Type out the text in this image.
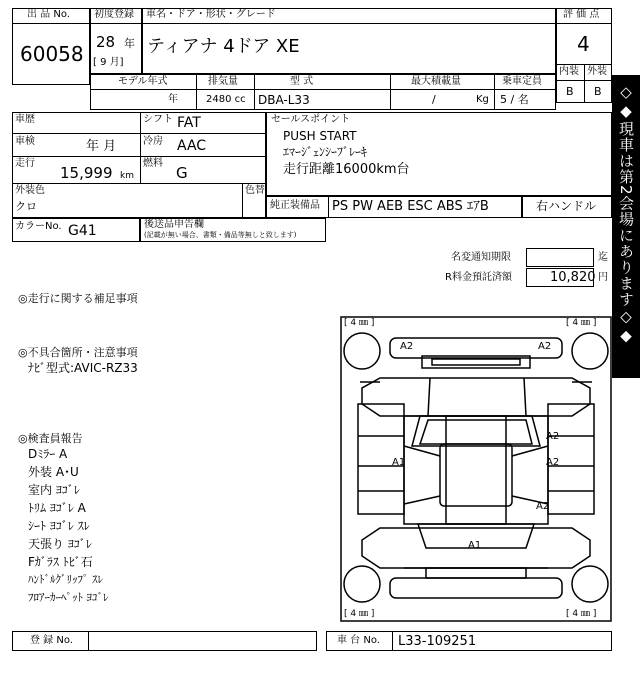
出 品 No.
60058
初度登録
28 年
[ 9 月]
車名・ドア・形状・グレード
ティアナ 4ドア XE
評 価 点
4
内装 外装
B B
モデル年式
年
排気量
2480 cc
型 式
DBA-L33
最大積載量
/	Kg
乗車定員
5 / 名
車歴	シフト FAT
車検	年 月	冷房 AAC
走行
15,999 km
燃料
G
外装色
クロ
色替
カラーNo. G41	後送品申告欄
(記載が無い場合、書類・備品等無しと致します)
セールスポイント
PUSH START
ｴﾏｰｼﾞｪﾝｼｰﾌﾞﾚｰｷ
走行距離16000km台
純正装備品 PS PW AEB ESC ABS ｴｱB	右ハンドル
名変通知期限	迄
R料金預託済額	10,820 円 ◇◆現車は第2会場にあります◇◆
◎走行に関する補足事項
◎不具合箇所・注意事項
ﾅﾋﾞ型式:AVIC-RZ33
◎検査員報告
Dﾐﾗｰ A
外装 A･U
室内 ﾖｺﾞﾚ
ﾄﾘﾑ ﾖｺﾞﾚ A
ｼｰﾄ ﾖｺﾞﾚ ｽﾚ
天張り ﾖｺﾞﾚ
Fｶﾞﾗｽ ﾄﾋﾞ石
ﾊﾝﾄﾞﾙｸﾞﾘｯﾌﾟ ｽﾚ
ﾌﾛｱｰｶｰﾍﾟｯﾄ ﾖｺﾞﾚ
[ 4 ㎜ ]	[ 4 ㎜ ]
[ 4 ㎜ ]	[ 4 ㎜ ]
A2	A2
A1
A2
A2
A2
A1
登 録 No.	車 台 No. L33-109251
